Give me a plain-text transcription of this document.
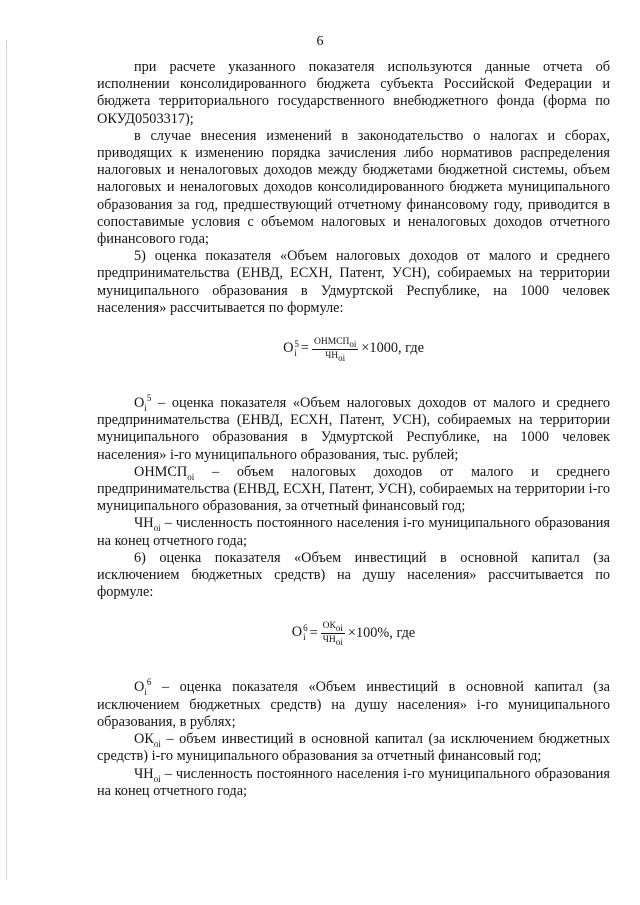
6

при расчете указанного показателя используются данные отчета об исполнении консолидированного бюджета субъекта Российской Федерации и бюджета территориального государственного внебюджетного фонда (форма по ОКУД0503317);

в случае внесения изменений в законодательство о налогах и сборах, приводящих к изменению порядка зачисления либо нормативов распределения налоговых и неналоговых доходов между бюджетами бюджетной системы, объем налоговых и неналоговых доходов консолидированного бюджета муниципального образования за год, предшествующий отчетному финансовому году, приводится в сопоставимые условия с объемом налоговых и неналоговых доходов отчетного финансового года;

5) оценка показателя «Объем налоговых доходов от малого и среднего предпринимательства (ЕНВД, ЕСХН, Патент, УСН), собираемых на территории муниципального образования в Удмуртской Республике, на 1000 человек населения» рассчитывается по формуле:

O 5
$i = \frac{\text{ОНМСПoi}}{\text{ЧНoi}} \times 1000$, где

$O_i^5$ – оценка показателя «Объем налоговых доходов от малого и среднего предпринимательства (ЕНВД, ЕСХН, Патент, УСН), собираемых на территории муниципального образования в Удмуртской Республике, на 1000 человек населения» i-го муниципального образования, тыс. рублей;

$ОНМСП_{oi}$ – объем налоговых доходов от малого и среднего предпринимательства (ЕНВД, ЕСХН, Патент, УСН), собираемых на территории i-го муниципального образования, за отчетный финансовый год;

$ЧН_{oi}$ – численность постоянного населения i-го муниципального образования на конец отчетного года;

6) оценка показателя «Объем инвестиций в основной капитал (за исключением бюджетных средств) на душу населения» рассчитывается по формуле:

O 6
$i = \frac{\text{ОКoi}}{\text{ЧНoi}} \times 100\%$, где

$O_i^6$ – оценка показателя «Объем инвестиций в основной капитал (за исключением бюджетных средств) на душу населения» i-го муниципального образования, в рублях;

$ОК_{oi}$ – объем инвестиций в основной капитал (за исключением бюджетных средств) i-го муниципального образования за отчетный финансовый год;

$ЧН_{oi}$ – численность постоянного населения i-го муниципального образования на конец отчетного года;
